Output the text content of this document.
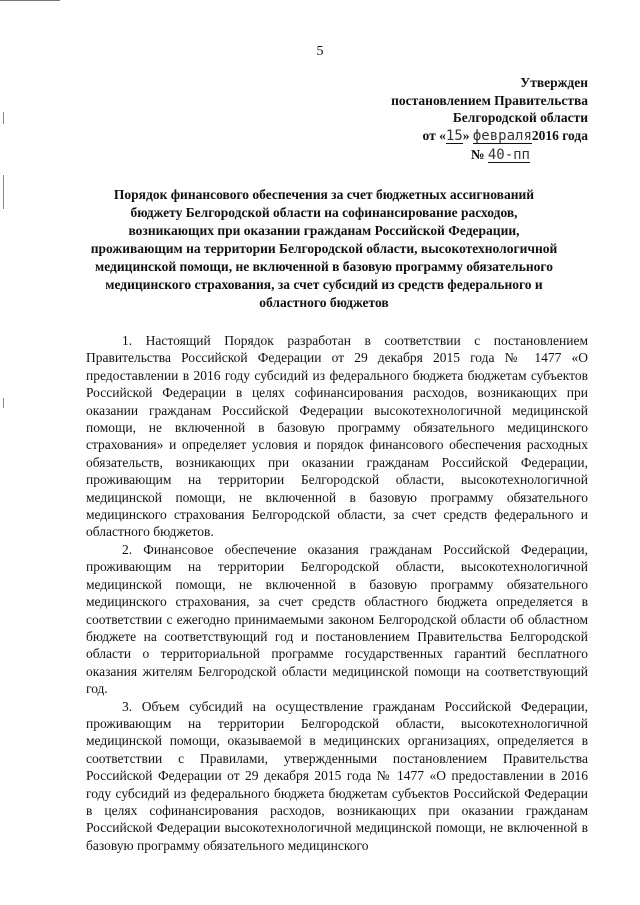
5
Утвержден
постановлением Правительства
Белгородской области
от «15» февраля2016 года
№ 40-пп
Порядок финансового обеспечения за счет бюджетных ассигнований бюджету Белгородской области на софинансирование расходов, возникающих при оказании гражданам Российской Федерации, проживающим на территории Белгородской области, высокотехнологичной медицинской помощи, не включенной в базовую программу обязательного медицинского страхования, за счет субсидий из средств федерального и областного бюджетов

1. Настоящий Порядок разработан в соответствии с постановлением Правительства Российской Федерации от 29 декабря 2015 года № 1477 «О предоставлении в 2016 году субсидий из федерального бюджета бюджетам субъектов Российской Федерации в целях софинансирования расходов, возникающих при оказании гражданам Российской Федерации высокотехнологичной медицинской помощи, не включенной в базовую программу обязательного медицинского страхования» и определяет условия и порядок финансового обеспечения расходных обязательств, возникающих при оказании гражданам Российской Федерации, проживающим на территории Белгородской области, высокотехнологичной медицинской помощи, не включенной в базовую программу обязательного медицинского страхования Белгородской области, за счет средств федерального и областного бюджетов.

2. Финансовое обеспечение оказания гражданам Российской Федерации, проживающим на территории Белгородской области, высокотехнологичной медицинской помощи, не включенной в базовую программу обязательного медицинского страхования, за счет средств областного бюджета определяется в соответствии с ежегодно принимаемыми законом Белгородской области об областном бюджете на соответствующий год и постановлением Правительства Белгородской области о территориальной программе государственных гарантий бесплатного оказания жителям Белгородской области медицинской помощи на соответствующий год.

3. Объем субсидий на осуществление гражданам Российской Федерации, проживающим на территории Белгородской области, высокотехнологичной медицинской помощи, оказываемой в медицинских организациях, определяется в соответствии с Правилами, утвержденными постановлением Правительства Российской Федерации от 29 декабря 2015 года № 1477 «О предоставлении в 2016 году субсидий из федерального бюджета бюджетам субъектов Российской Федерации в целях софинансирования расходов, возникающих при оказании гражданам Российской Федерации высокотехнологичной медицинской помощи, не включенной в базовую программу обязательного медицинского
